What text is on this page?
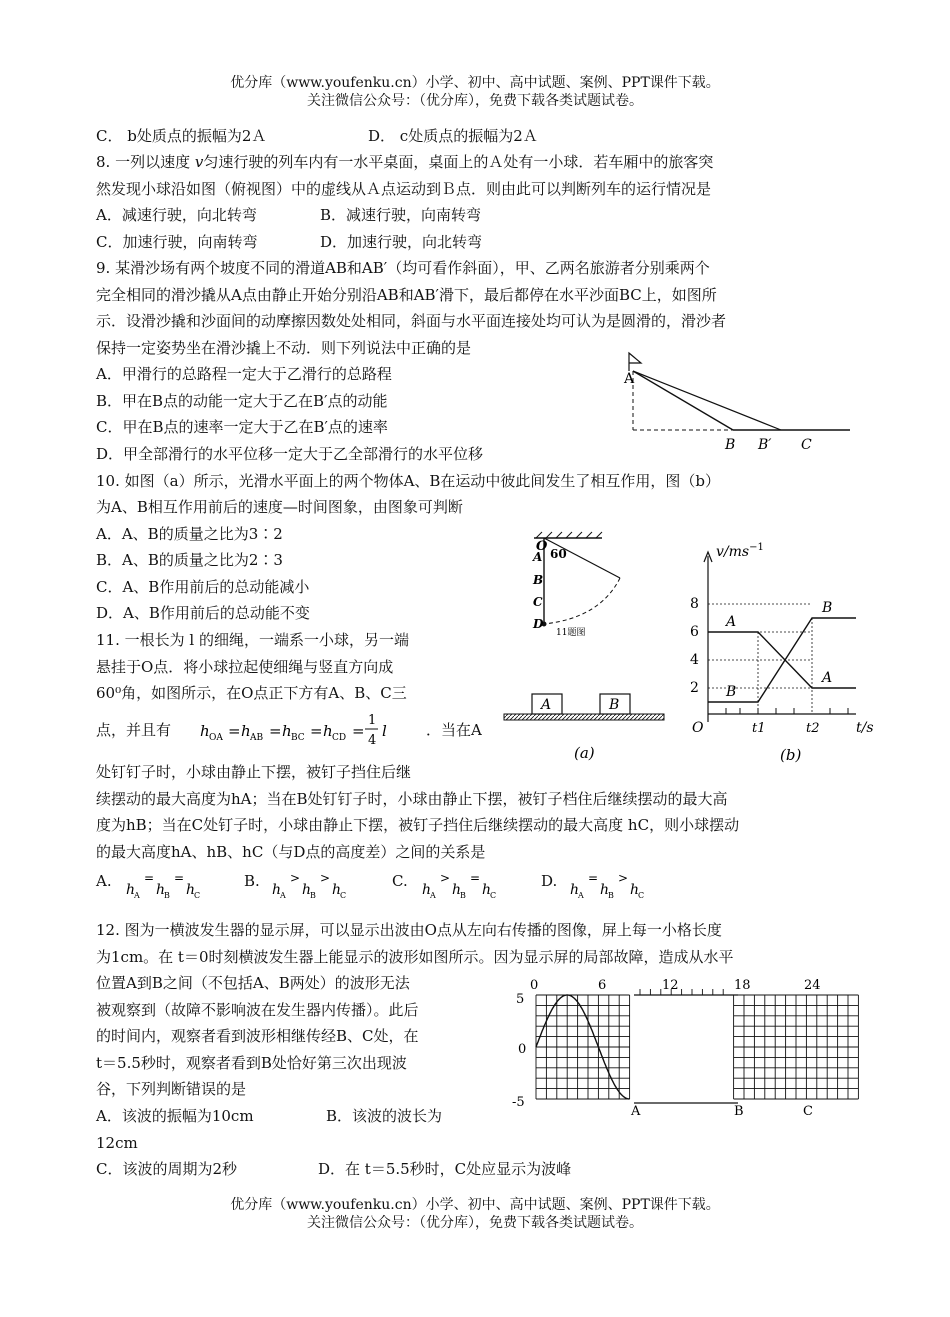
优分库（www.youfenku.cn）小学、初中、高中试题、案例、PPT课件下载。
关注微信公众号：（优分库），免费下载各类试题试卷。
C． b处质点的振幅为2Ａ	D． c处质点的振幅为2Ａ
8. 一列以速度 v匀速行驶的列车内有一水平桌面，桌面上的Ａ处有一小球．若车厢中的旅客突
然发现小球沿如图（俯视图）中的虚线从Ａ点运动到Ｂ点．则由此可以判断列车的运行情况是
A．减速行驶，向北转弯	B．减速行驶，向南转弯
C．加速行驶，向南转弯	D．加速行驶，向北转弯
9. 某滑沙场有两个坡度不同的滑道AB和AB′（均可看作斜面），甲、乙两名旅游者分别乘两个
完全相同的滑沙撬从A点由静止开始分别沿AB和AB′滑下，最后都停在水平沙面BC上，如图所
示．设滑沙撬和沙面间的动摩擦因数处处相同，斜面与水平面连接处均可认为是圆滑的，滑沙者
保持一定姿势坐在滑沙撬上不动．则下列说法中正确的是
A．甲滑行的总路程一定大于乙滑行的总路程
B．甲在B点的动能一定大于乙在B′点的动能
C．甲在B点的速率一定大于乙在B′点的速率
D．甲全部滑行的水平位移一定大于乙全部滑行的水平位移
A
B B′ C
10. 如图（a）所示，光滑水平面上的两个物体A、B在运动中彼此间发生了相互作用，图（b）
为A、B相互作用前后的速度—时间图象，由图象可判断
A．A、B的质量之比为3∶2
B．A、B的质量之比为2∶3
C．A、B作用前后的总动能减小
D．A、B作用前后的总动能不变
O 60
A
B
C
D
11题图
A	B
(a)
$v/ms^{-1}$
8
6
4
2
O	t1	t2	t/s
A
B
A
B
(b)
11. 一根长为 l 的细绳，一端系一小球，另一端
悬挂于O点．将小球拉起使细绳与竖直方向成
60⁰角，如图所示，在O点正下方有A、B、C三
点，并且有 h OA = h AB = h BC = h CD =
1
4
l	．当在A
处钉钉子时，小球由静止下摆，被钉子挡住后继
续摆动的最大高度为hA；当在B处钉钉子时，小球由静止下摆，被钉子档住后继续摆动的最大高
度为hB；当在C处钉子时，小球由静止下摆，被钉子挡住后继续摆动的最大高度 hC，则小球摆动
的最大高度hA、hB、hC（与D点的高度差）之间的关系是
A. h
A
=
h
B
=
h
C
B. h
A
>
h
B
>
h
C
C. h
A
>
h
B
=
h
C
D. h
A
=
h
B
>
h
C
12. 图为一横波发生器的显示屏，可以显示出波由O点从左向右传播的图像，屏上每一小格长度
为1cm。在 t＝0时刻横波发生器上能显示的波形如图所示。因为显示屏的局部故障，造成从水平
位置A到B之间（不包括A、B两处）的波形无法
被观察到（故障不影响波在发生器内传播）。此后
的时间内，观察者看到波形相继传经B、C处，在
t＝5.5秒时，观察者看到B处恰好第三次出现波
谷，下列判断错误的是
A．该波的振幅为10cm	B．该波的波长为
12cm
C．该波的周期为2秒	D．在 t＝5.5秒时，C处应显示为波峰
0	6	12	18	24
5
0
-5
A	B	C
优分库（www.youfenku.cn）小学、初中、高中试题、案例、PPT课件下载。
关注微信公众号：（优分库），免费下载各类试题试卷。
